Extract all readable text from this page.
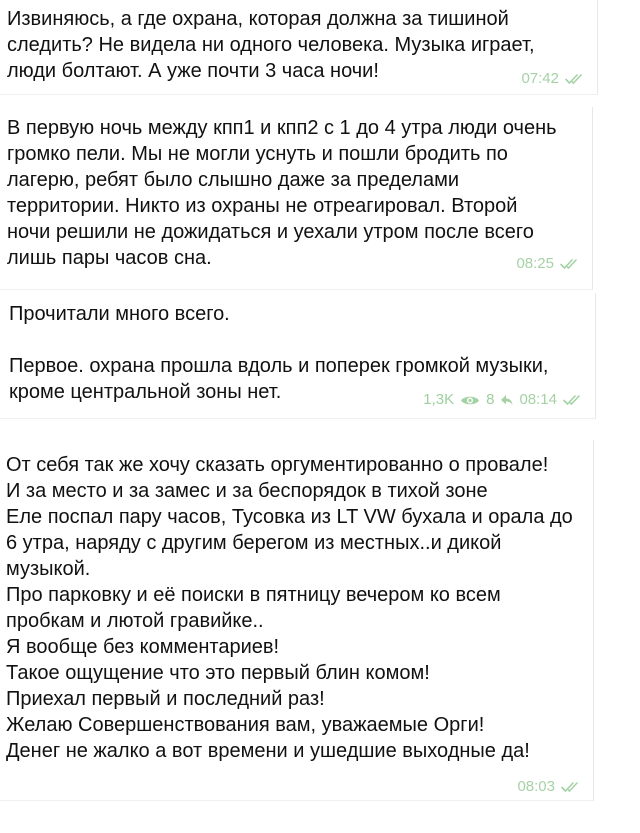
Извиняюсь, а где охрана, которая должна за тишиной
следить? Не видела ни одного человека. Музыка играет,
люди болтают. А уже почти 3 часа ночи!	07:42
В первую ночь между кпп1 и кпп2 с 1 до 4 утра люди очень
громко пели. Мы не могли уснуть и пошли бродить по
лагерю, ребят было слышно даже за пределами
территории. Никто из охраны не отреагировал. Второй
ночи решили не дожидаться и уехали утром после всего
лишь пары часов сна.	08:25
Прочитали много всего.
Первое. охрана прошла вдоль и поперек громкой музыки,
кроме центральной зоны нет.	1,3K 8 08:14
От себя так же хочу сказать оргументированно о провале!
И за место и за замес и за беспорядок в тихой зоне
Еле поспал пару часов, Тусовка из LT VW бухала и орала до
6 утра, наряду с другим берегом из местных..и дикой
музыкой.
Про парковку и её поиски в пятницу вечером ко всем
пробкам и лютой гравийке..
Я вообще без комментариев!
Такое ощущение что это первый блин комом!
Приехал первый и последний раз!
Желаю Совершенствования вам, уважаемые Орги!
Денег не жалко а вот времени и ушедшие выходные да!
08:03
